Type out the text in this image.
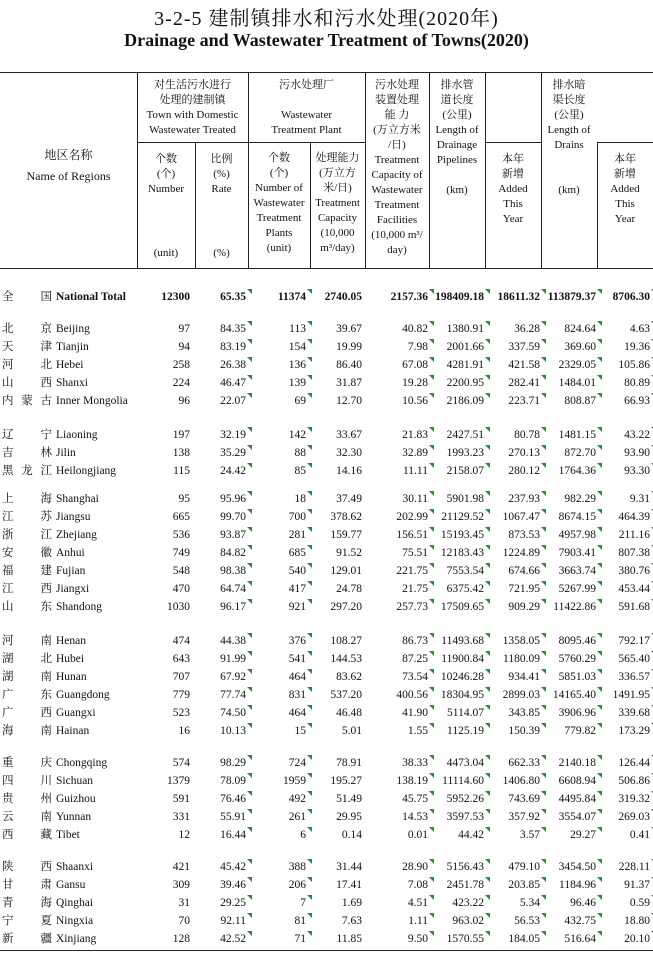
3-2-5 建制镇排水和污水处理(2020年)
Drainage and Wastewater Treatment of Towns(2020)
地区名称
Name of Regions
对生活污水进行
处理的建制镇
Town with Domestic
Wastewater Treated
个数
(个)
Number
(unit)
比例
(%)
Rate
(%)
污水处理厂

Wastewater
Treatment Plant
个数
(个)
Number of
Wastewater
Treatment
Plants
(unit)
处理能力
(万立方
米/日)
Treatment
Capacity
(10,000
m³/day)
污水处理
装置处理
能 力
(万立方米
/日)
Treatment
Capacity of
Wastewater
Treatment
Facilities
(10,000 m³/
day)
排水管
道长度
(公里)
Length of
Drainage
Pipelines

(km)
本年
新增
Added
This
Year
排水暗
渠长度
(公里)
Length of
Drains

(km)
本年
新增
Added
This
Year
全 国 National Total	12300	65.35	11374	2740.05	2157.36 198409.18	18611.32 113879.37	8706.30
北 京 Beijing	97	84.35	113	39.67	40.82	1380.91	36.28	824.64	4.63
天 津 Tianjin	94	83.19	154	19.99	7.98	2001.66	337.59	369.60	19.36
河 北 Hebei	258	26.38	136	86.40	67.08	4281.91	421.58	2329.05	105.86
山 西 Shanxi	224	46.47	139	31.87	19.28	2200.95	282.41	1484.01	80.89
内 蒙 古 Inner Mongolia	96	22.07	69	12.70	10.56	2186.09	223.71	808.87	66.93
辽 宁 Liaoning	197	32.19	142	33.67	21.83	2427.51	80.78	1481.15	43.22
吉 林 Jilin	138	35.29	88	32.30	32.89	1993.23	270.13	872.70	93.90
黑 龙 江 Heilongjiang	115	24.42	85	14.16	11.11	2158.07	280.12	1764.36	93.30
上 海 Shanghai	95	95.96	18	37.49	30.11	5901.98	237.93	982.29	9.31
江 苏 Jiangsu	665	99.70	700	378.62	202.99	21129.52	1067.47	8674.15	464.39
浙 江 Zhejiang	536	93.87	281	159.77	156.51	15193.45	873.53	4957.98	211.16
安 徽 Anhui	749	84.82	685	91.52	75.51	12183.43	1224.89	7903.41	807.38
福 建 Fujian	548	98.38	540	129.01	221.75	7553.54	674.66	3663.74	380.76
江 西 Jiangxi	470	64.74	417	24.78	21.75	6375.42	721.95	5267.99	453.44
山 东 Shandong	1030	96.17	921	297.20	257.73	17509.65	909.29	11422.86	591.68
河 南 Henan	474	44.38	376	108.27	86.73	11493.68	1358.05	8095.46	792.17
湖 北 Hubei	643	91.99	541	144.53	87.25	11900.84	1180.09	5760.29	565.40
湖 南 Hunan	707	67.92	464	83.62	73.54	10246.28	934.41	5851.03	336.57
广 东 Guangdong	779	77.74	831	537.20	400.56	18304.95	2899.03	14165.40	1491.95
广 西 Guangxi	523	74.50	464	46.48	41.90	5114.07	343.85	3906.96	339.68
海 南 Hainan	16	10.13	15	5.01	1.55	1125.19	150.39	779.82	173.29
重 庆 Chongqing	574	98.29	724	78.91	38.33	4473.04	662.33	2140.18	126.44
四 川 Sichuan	1379	78.09	1959	195.27	138.19	11114.60	1406.80	6608.94	506.86
贵 州 Guizhou	591	76.46	492	51.49	45.75	5952.26	743.69	4495.84	319.32
云 南 Yunnan	331	55.91	261	29.95	14.53	3597.53	357.92	3554.07	269.03
西 藏 Tibet	12	16.44	6	0.14	0.01	44.42	3.57	29.27	0.41
陕 西 Shaanxi	421	45.42	388	31.44	28.90	5156.43	479.10	3454.50	228.11
甘 肃 Gansu	309	39.46	206	17.41	7.08	2451.78	203.85	1184.96	91.37
青 海 Qinghai	31	29.25	7	1.69	4.51	423.22	5.34	96.46	0.59
宁 夏 Ningxia	70	92.11	81	7.63	1.11	963.02	56.53	432.75	18.80
新 疆 Xinjiang	128	42.52	71	11.85	9.50	1570.55	184.05	516.64	20.10
